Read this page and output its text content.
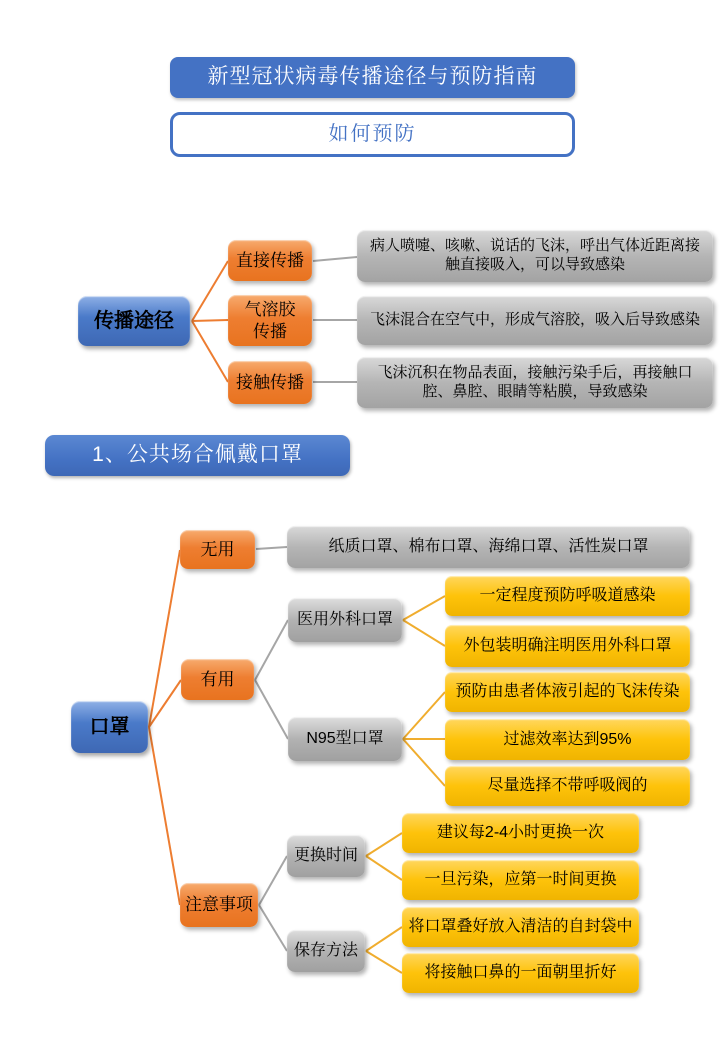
新型冠状病毒传播途径与预防指南
如何预防
传播途径
直接传播
气溶胶传播
接触传播
病人喷嚏、咳嗽、说话的飞沫，呼出气体近距离接触直接吸入，可以导致感染
飞沫混合在空气中，形成气溶胶，吸入后导致感染
飞沫沉积在物品表面，接触污染手后，再接触口腔、鼻腔、眼睛等粘膜，导致感染
1、公共场合佩戴口罩
口罩
无用
有用
注意事项
纸质口罩、棉布口罩、海绵口罩、活性炭口罩
医用外科口罩
一定程度预防呼吸道感染
外包装明确注明医用外科口罩
N95型口罩
预防由患者体液引起的飞沫传染
过滤效率达到95%
尽量选择不带呼吸阀的
更换时间
建议每2-4小时更换一次
一旦污染，应第一时间更换
保存方法
将口罩叠好放入清洁的自封袋中
将接触口鼻的一面朝里折好
